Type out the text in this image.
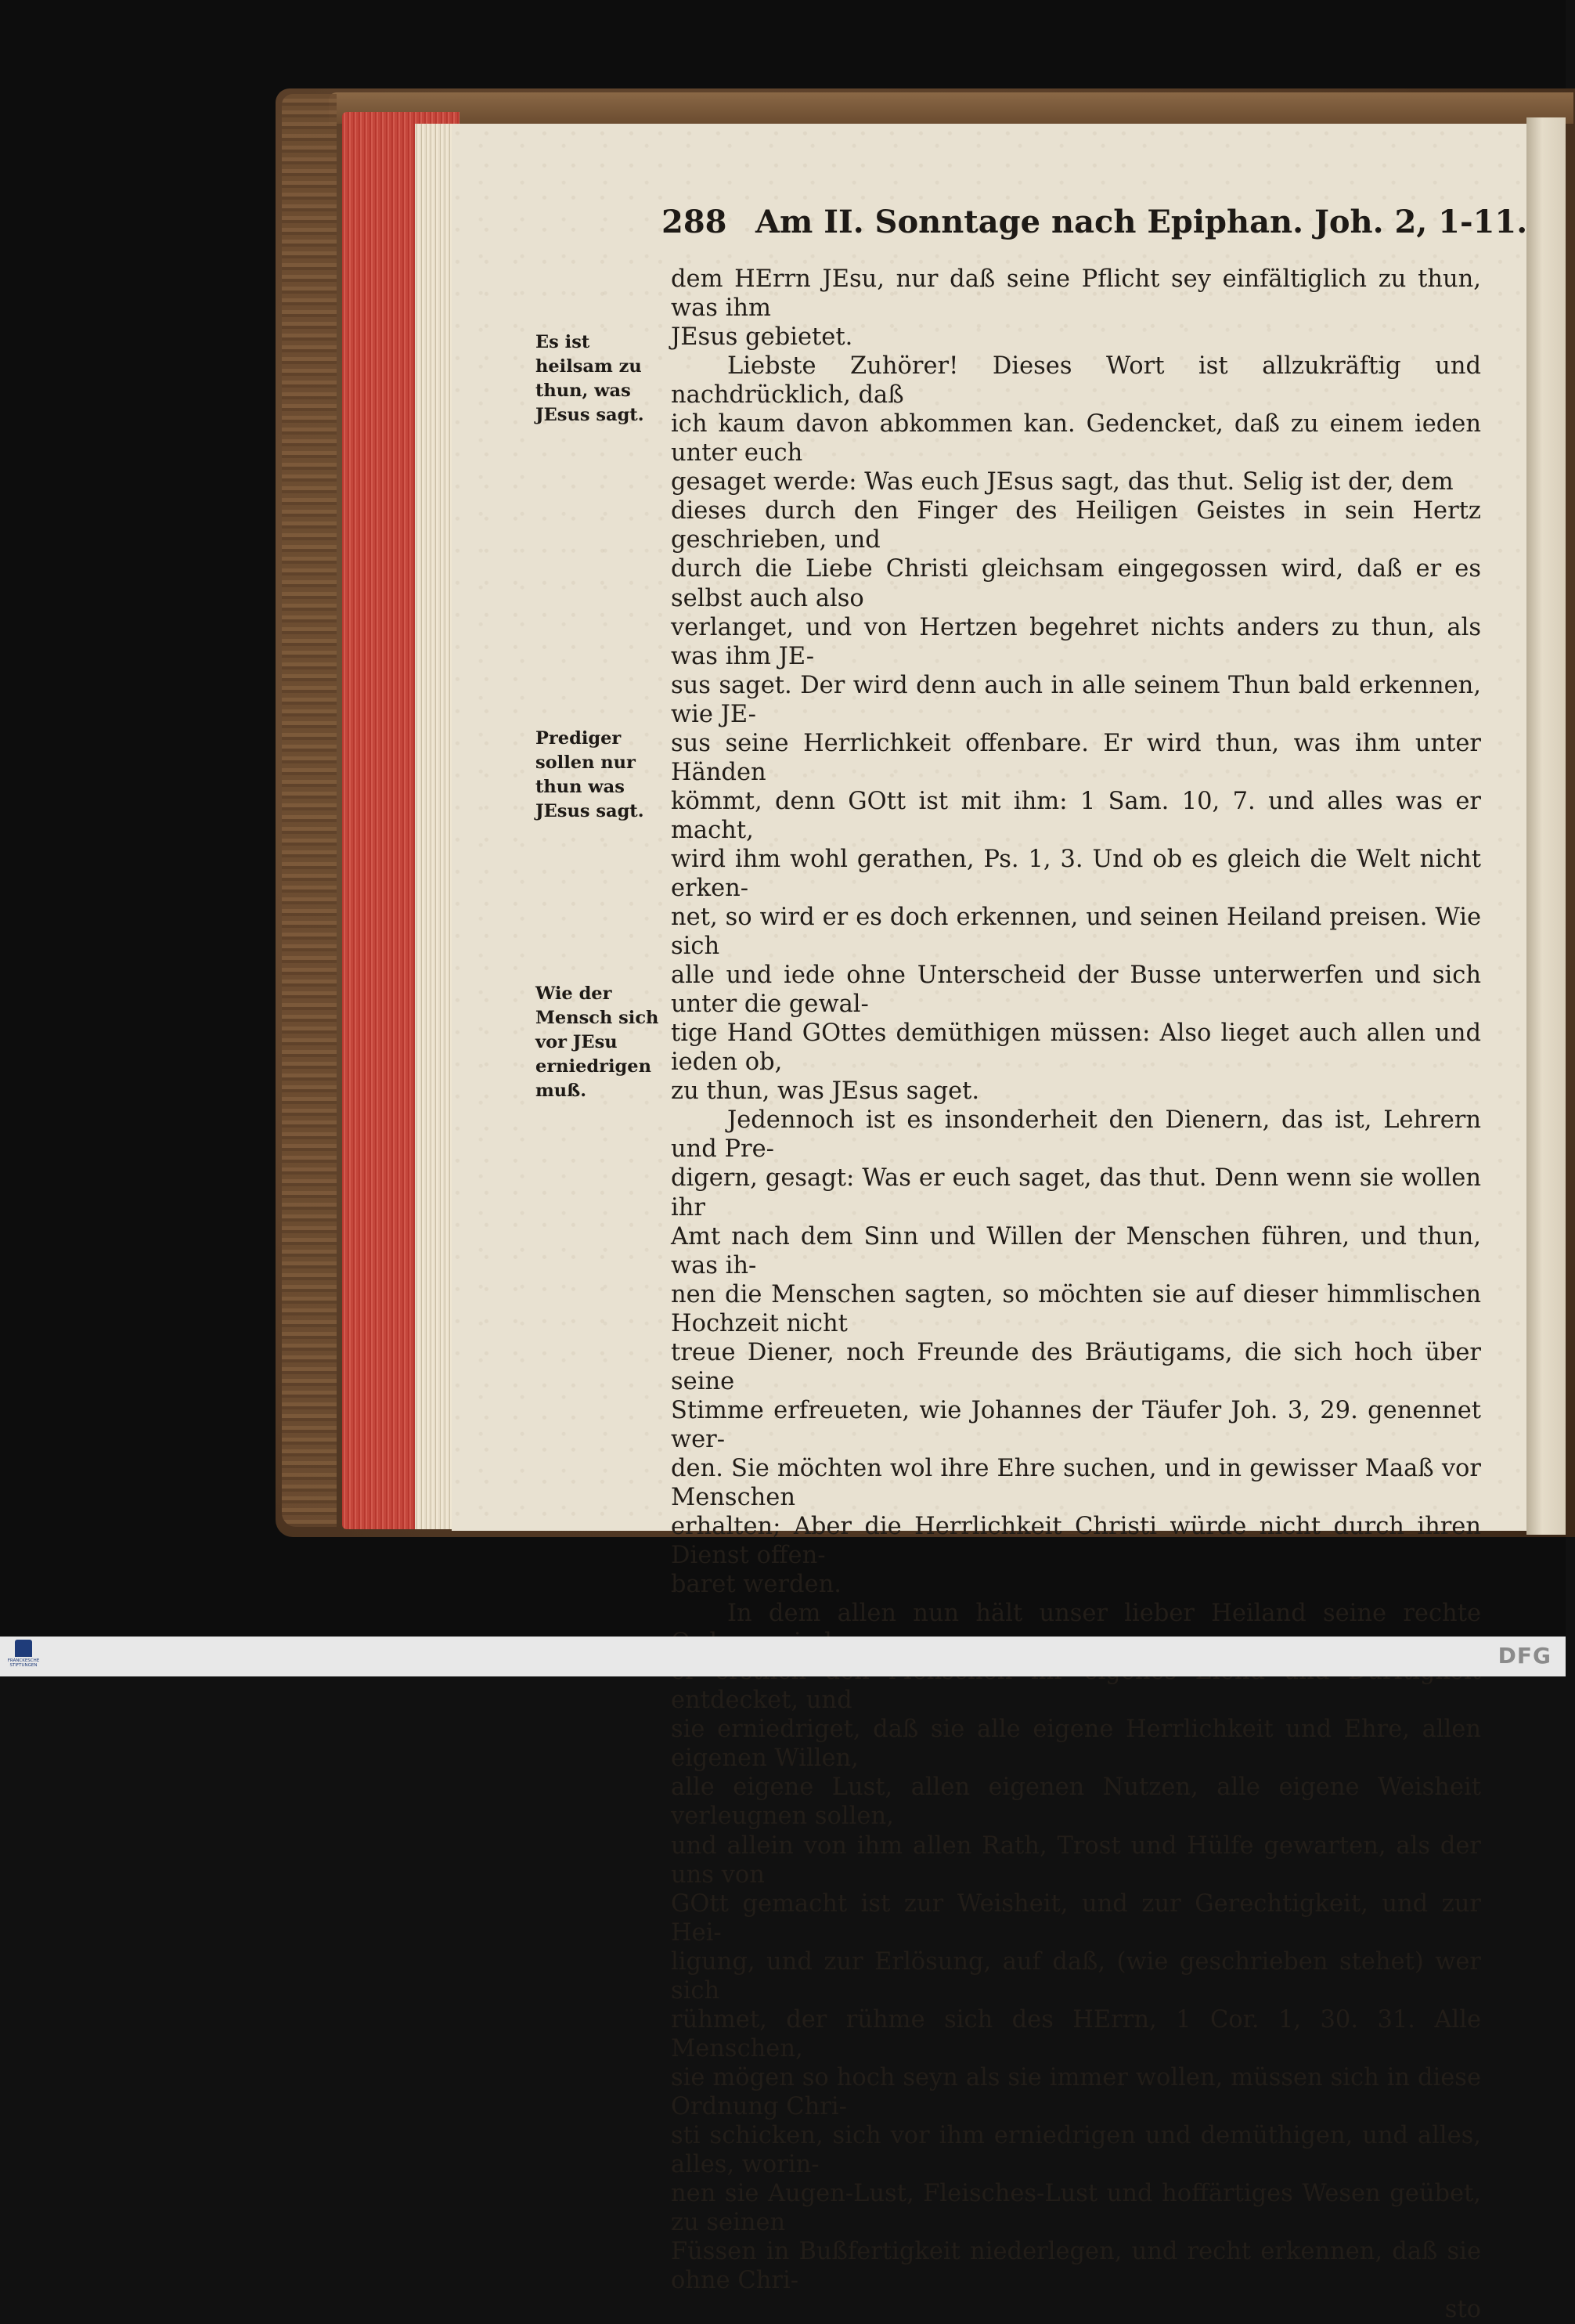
288 Am II. Sonntage nach Epiphan. Joh. 2, 1-11.

dem HErrn JEsu, nur daß seine Pflicht sey einfältiglich zu thun, was ihm

JEsus gebietet.

Liebste Zuhörer! Dieses Wort ist allzukräftig und nachdrücklich, daß

ich kaum davon abkommen kan. Gedencket, daß zu einem ieden unter euch

gesaget werde: Was euch JEsus sagt, das thut. Selig ist der, dem

dieses durch den Finger des Heiligen Geistes in sein Hertz geschrieben, und

durch die Liebe Christi gleichsam eingegossen wird, daß er es selbst auch also

verlanget, und von Hertzen begehret nichts anders zu thun, als was ihm JE-

sus saget. Der wird denn auch in alle seinem Thun bald erkennen, wie JE-

sus seine Herrlichkeit offenbare. Er wird thun, was ihm unter Händen

kömmt, denn GOtt ist mit ihm: 1 Sam. 10, 7. und alles was er macht,

wird ihm wohl gerathen, Ps. 1, 3. Und ob es gleich die Welt nicht erken-

net, so wird er es doch erkennen, und seinen Heiland preisen. Wie sich

alle und iede ohne Unterscheid der Busse unterwerfen und sich unter die gewal-

tige Hand GOttes demüthigen müssen: Also lieget auch allen und ieden ob,

zu thun, was JEsus saget.

Jedennoch ist es insonderheit den Dienern, das ist, Lehrern und Pre-

digern, gesagt: Was er euch saget, das thut. Denn wenn sie wollen ihr

Amt nach dem Sinn und Willen der Menschen führen, und thun, was ih-

nen die Menschen sagten, so möchten sie auf dieser himmlischen Hochzeit nicht

treue Diener, noch Freunde des Bräutigams, die sich hoch über seine

Stimme erfreueten, wie Johannes der Täufer Joh. 3, 29. genennet wer-

den. Sie möchten wol ihre Ehre suchen, und in gewisser Maaß vor Menschen

erhalten; Aber die Herrlichkeit Christi würde nicht durch ihren Dienst offen-

baret werden.

In dem allen nun hält unser lieber Heiland seine rechte

entdecket, und

sie erniedriget, daß sie alle eigene Herrlichkeit und Ehre, allen eigenen Willen,

alle eigene Lust, allen eigenen Nutzen, alle eigene Weisheit verleugnen sollen,

und allein von ihm allen Rath, Trost und Hülfe gewarten, als der uns von

GOtt gemacht ist zur Weisheit, und zur Gerechtigkeit, und zur Hei-

ligung, und zur Erlösung, auf daß, (wie geschrieben stehet) wer sich

rühmet, der rühme sich des HErrn, 1 Cor. 1, 30. 31. Alle Menschen,

sie mögen so hoch seyn als sie immer wollen, müssen sich in diese Ordnung Chri-

sti schicken, sich vor ihm erniedrigen und demüthigen, und alles, alles, worin-

nen sie Augen-Lust, Fleisches-Lust und hoffärtiges Wesen geübet, zu seinen

Füssen in Bußfertigkeit niederlegen, und recht erkennen, daß sie ohne Chri-

sto

Es ist heilsam zu thun, was JEsus sagt.
Prediger sollen nur thun was JEsus sagt.
Wie der Mensch sich vor JEsu erniedrigen muß.
FRANCKESCHE STIFTUNGEN	DFG
